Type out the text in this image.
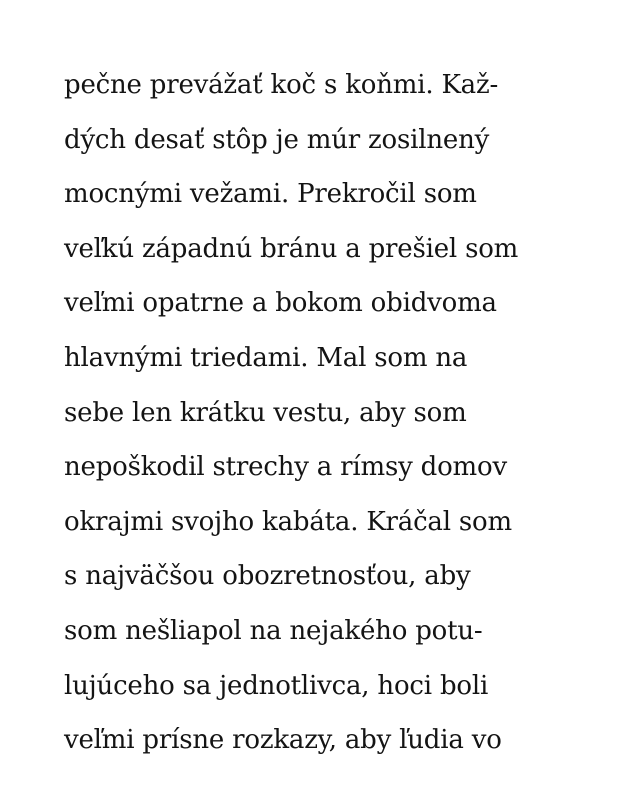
pečne prevážať koč s koňmi. Kaž-
dých desať stôp je múr zosilnený
mocnými vežami. Prekročil som
veľkú západnú bránu a prešiel som
veľmi opatrne a bokom obidvoma
hlavnými triedami. Mal som na
sebe len krátku vestu, aby som
nepoškodil strechy a rímsy domov
okrajmi svojho kabáta. Kráčal som
s najväčšou obozretnosťou, aby
som nešliapol na nejakého potu-
lujúceho sa jednotlivca, hoci boli
veľmi prísne rozkazy, aby ľudia vo
